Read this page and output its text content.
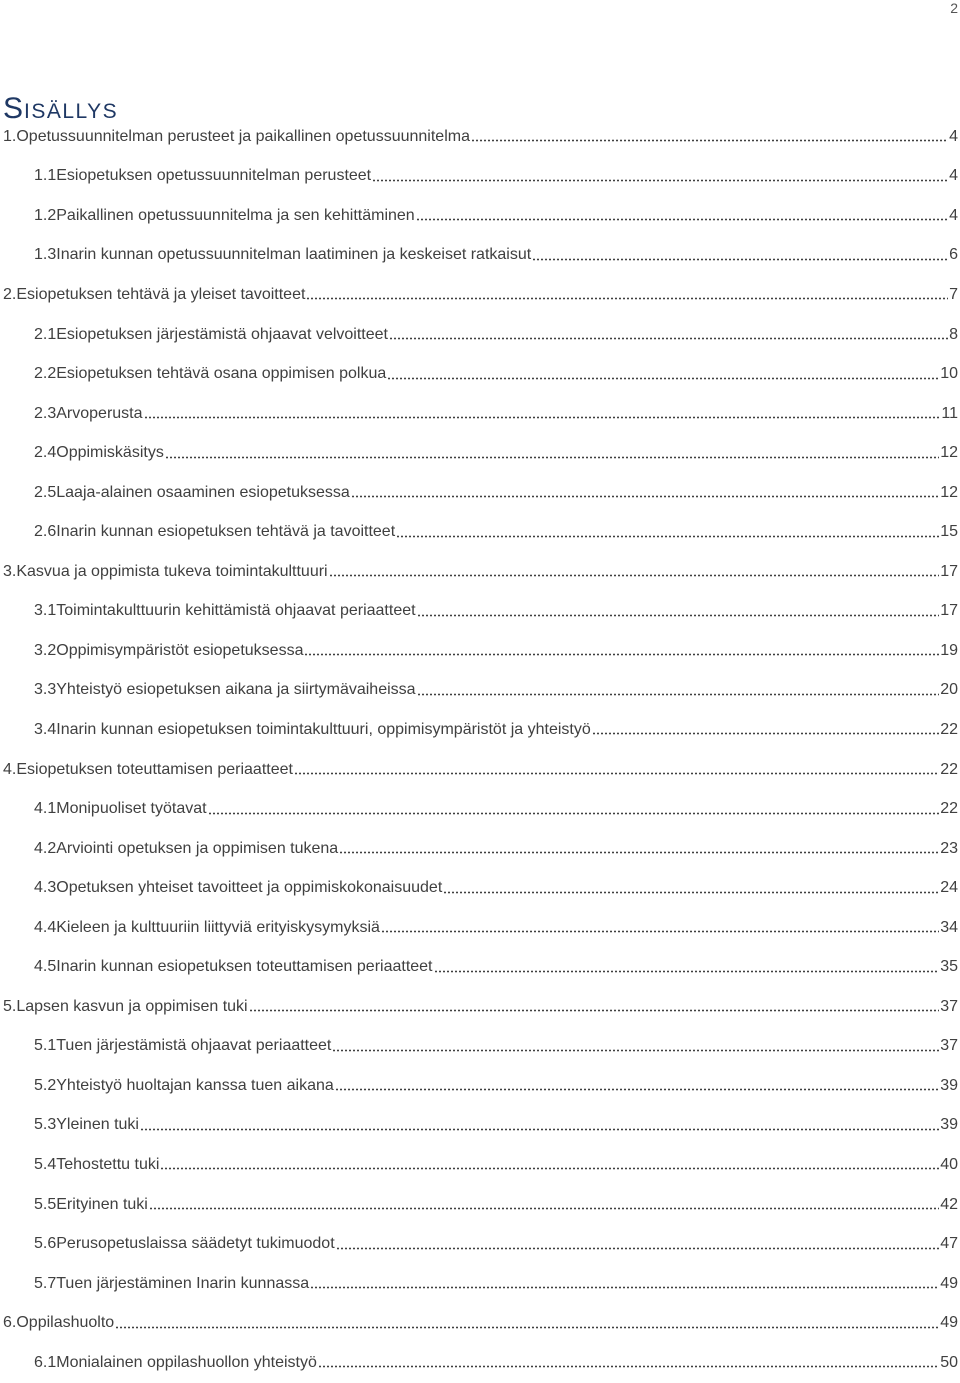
2
SISÄLLYS
1. Opetussuunnitelman perusteet ja paikallinen opetussuunnitelma	4
1.1 Esiopetuksen opetussuunnitelman perusteet	4
1.2 Paikallinen opetussuunnitelma ja sen kehittäminen	4
1.3 Inarin kunnan opetussuunnitelman laatiminen ja keskeiset ratkaisut	6
2. Esiopetuksen tehtävä ja yleiset tavoitteet	7
2.1 Esiopetuksen järjestämistä ohjaavat velvoitteet	8
2.2 Esiopetuksen tehtävä osana oppimisen polkua	10
2.3 Arvoperusta	11
2.4 Oppimiskäsitys	12
2.5 Laaja-alainen osaaminen esiopetuksessa	12
2.6 Inarin kunnan esiopetuksen tehtävä ja tavoitteet	15
3. Kasvua ja oppimista tukeva toimintakulttuuri	17
3.1 Toimintakulttuurin kehittämistä ohjaavat periaatteet	17
3.2 Oppimisympäristöt esiopetuksessa	19
3.3 Yhteistyö esiopetuksen aikana ja siirtymävaiheissa	20
3.4 Inarin kunnan esiopetuksen toimintakulttuuri, oppimisympäristöt ja yhteistyö	22
4. Esiopetuksen toteuttamisen periaatteet	22
4.1 Monipuoliset työtavat	22
4.2 Arviointi opetuksen ja oppimisen tukena	23
4.3 Opetuksen yhteiset tavoitteet ja oppimiskokonaisuudet	24
4.4 Kieleen ja kulttuuriin liittyviä erityiskysymyksiä	34
4.5 Inarin kunnan esiopetuksen toteuttamisen periaatteet	35
5. Lapsen kasvun ja oppimisen tuki	37
5.1 Tuen järjestämistä ohjaavat periaatteet	37
5.2 Yhteistyö huoltajan kanssa tuen aikana	39
5.3 Yleinen tuki	39
5.4 Tehostettu tuki	40
5.5 Erityinen tuki	42
5.6 Perusopetuslaissa säädetyt tukimuodot	47
5.7 Tuen järjestäminen Inarin kunnassa	49
6. Oppilashuolto	49
6.1 Monialainen oppilashuollon yhteistyö	50
